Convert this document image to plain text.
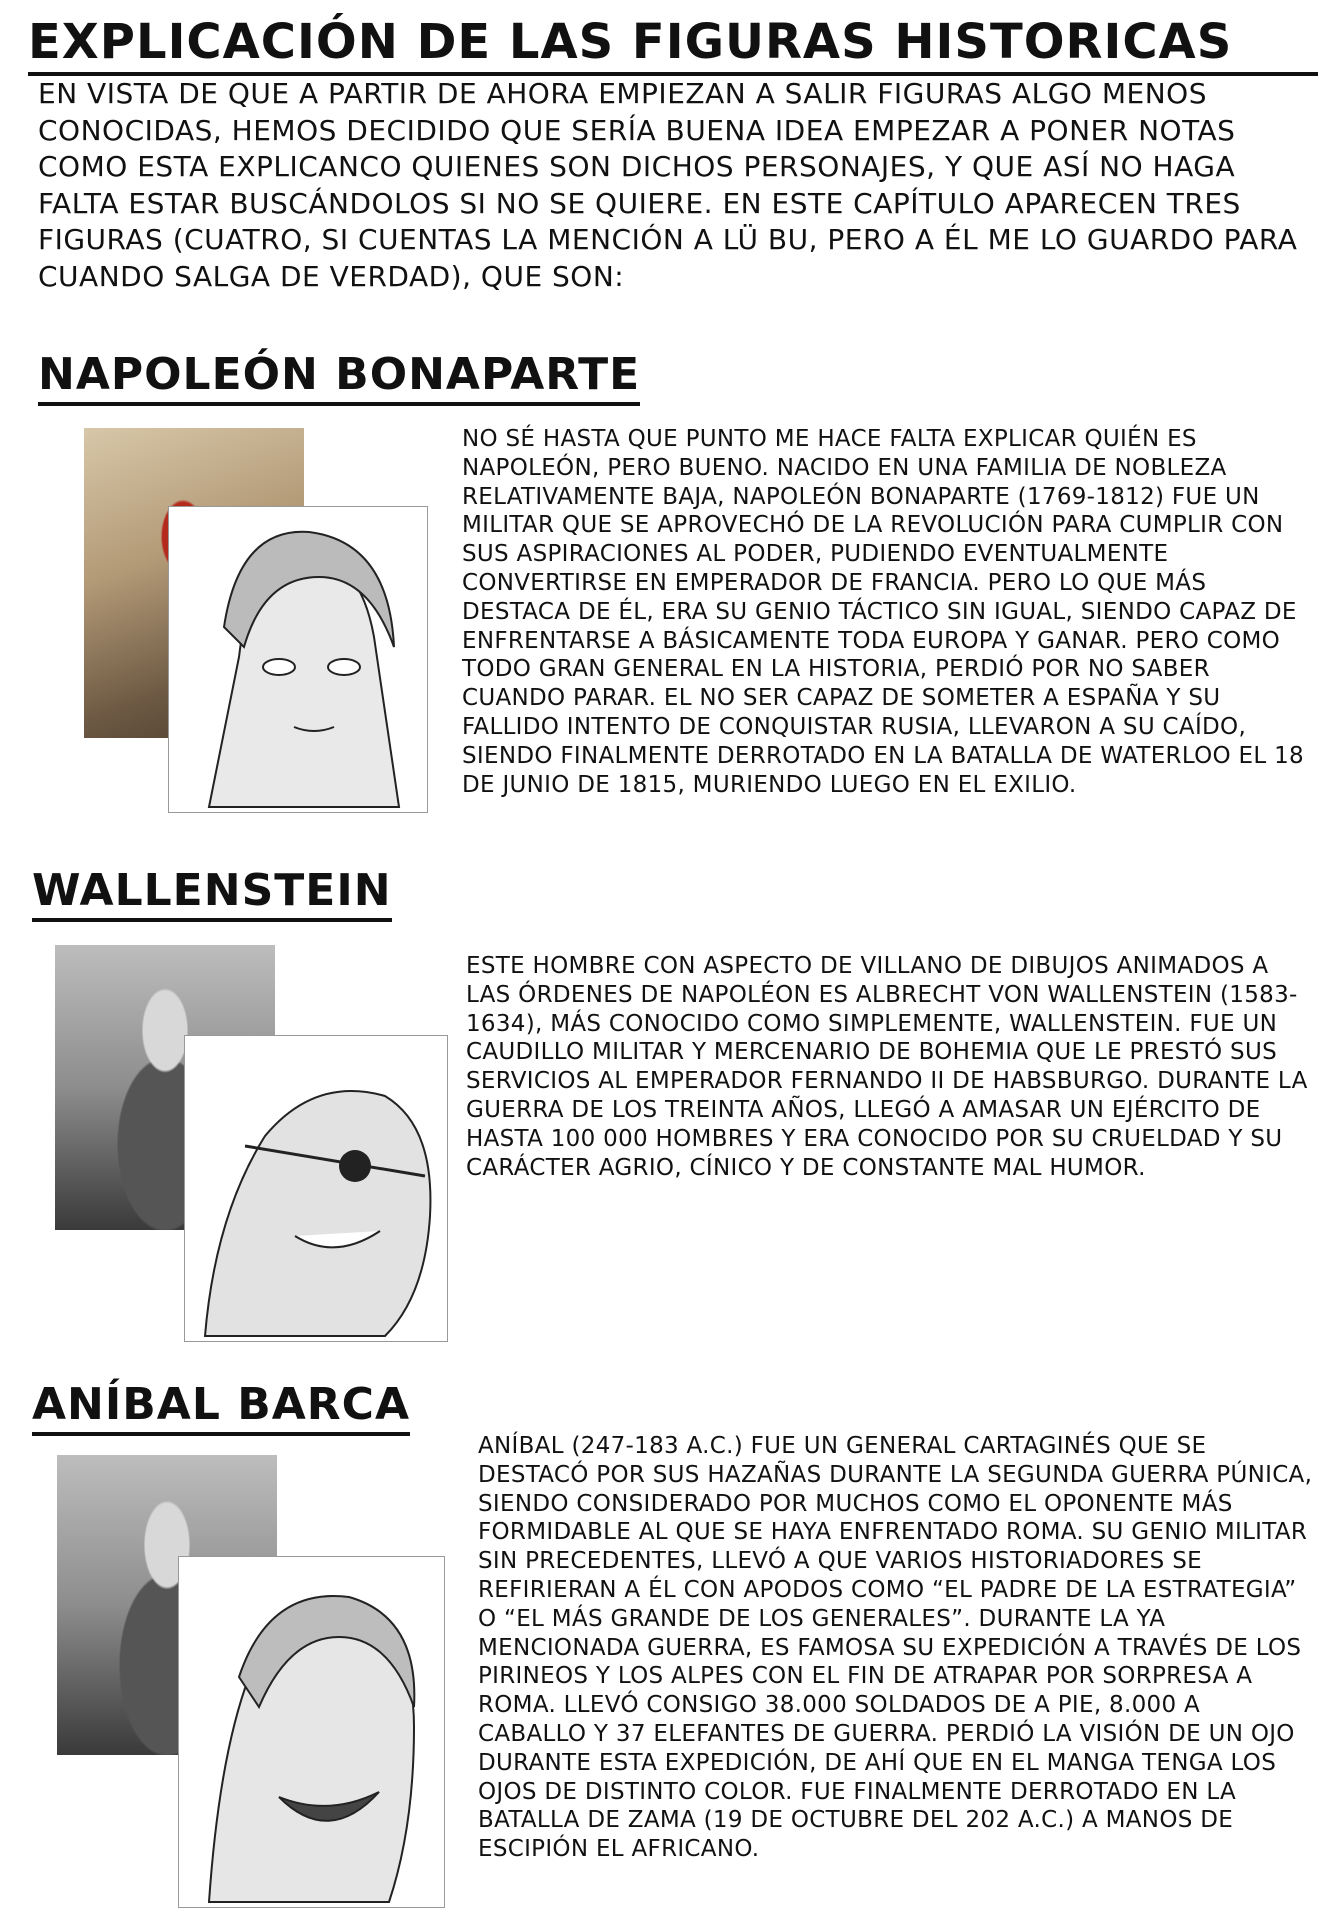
EXPLICACIÓN DE LAS FIGURAS HISTORICAS
EN VISTA DE QUE A PARTIR DE AHORA EMPIEZAN A SALIR FIGURAS ALGO MENOS CONOCIDAS, HEMOS DECIDIDO QUE SERÍA BUENA IDEA EMPEZAR A PONER NOTAS COMO ESTA EXPLICANCO QUIENES SON DICHOS PERSONAJES, Y QUE ASÍ NO HAGA FALTA ESTAR BUSCÁNDOLOS SI NO SE QUIERE. EN ESTE CAPÍTULO APARECEN TRES FIGURAS (CUATRO, SI CUENTAS LA MENCIÓN A LÜ BU, PERO A ÉL ME LO GUARDO PARA CUANDO SALGA DE VERDAD), QUE SON:
NAPOLEÓN BONAPARTE
NO SÉ HASTA QUE PUNTO ME HACE FALTA EXPLICAR QUIÉN ES NAPOLEÓN, PERO BUENO. NACIDO EN UNA FAMILIA DE NOBLEZA RELATIVAMENTE BAJA, NAPOLEÓN BONAPARTE (1769-1812) FUE UN MILITAR QUE SE APROVECHÓ DE LA REVOLUCIÓN PARA CUMPLIR CON SUS ASPIRACIONES AL PODER, PUDIENDO EVENTUALMENTE CONVERTIRSE EN EMPERADOR DE FRANCIA. PERO LO QUE MÁS DESTACA DE ÉL, ERA SU GENIO TÁCTICO SIN IGUAL, SIENDO CAPAZ DE ENFRENTARSE A BÁSICAMENTE TODA EUROPA Y GANAR. PERO COMO TODO GRAN GENERAL EN LA HISTORIA, PERDIÓ POR NO SABER CUANDO PARAR. EL NO SER CAPAZ DE SOMETER A ESPAÑA Y SU FALLIDO INTENTO DE CONQUISTAR RUSIA, LLEVARON A SU CAÍDO, SIENDO FINALMENTE DERROTADO EN LA BATALLA DE WATERLOO EL 18 DE JUNIO DE 1815, MURIENDO LUEGO EN EL EXILIO.
WALLENSTEIN
ESTE HOMBRE CON ASPECTO DE VILLANO DE DIBUJOS ANIMADOS A LAS ÓRDENES DE NAPOLÉON ES ALBRECHT VON WALLENSTEIN (1583-1634), MÁS CONOCIDO COMO SIMPLEMENTE, WALLENSTEIN. FUE UN CAUDILLO MILITAR Y MERCENARIO DE BOHEMIA QUE LE PRESTÓ SUS SERVICIOS AL EMPERADOR FERNANDO II DE HABSBURGO. DURANTE LA GUERRA DE LOS TREINTA AÑOS, LLEGÓ A AMASAR UN EJÉRCITO DE HASTA 100 000 HOMBRES Y ERA CONOCIDO POR SU CRUELDAD Y SU CARÁCTER AGRIO, CÍNICO Y DE CONSTANTE MAL HUMOR.
ANÍBAL BARCA
ANÍBAL (247-183 A.C.) FUE UN GENERAL CARTAGINÉS QUE SE DESTACÓ POR SUS HAZAÑAS DURANTE LA SEGUNDA GUERRA PÚNICA, SIENDO CONSIDERADO POR MUCHOS COMO EL OPONENTE MÁS FORMIDABLE AL QUE SE HAYA ENFRENTADO ROMA. SU GENIO MILITAR SIN PRECEDENTES, LLEVÓ A QUE VARIOS HISTORIADORES SE REFIRIERAN A ÉL CON APODOS COMO “EL PADRE DE LA ESTRATEGIA” O “EL MÁS GRANDE DE LOS GENERALES”. DURANTE LA YA MENCIONADA GUERRA, ES FAMOSA SU EXPEDICIÓN A TRAVÉS DE LOS PIRINEOS Y LOS ALPES CON EL FIN DE ATRAPAR POR SORPRESA A ROMA. LLEVÓ CONSIGO 38.000 SOLDADOS DE A PIE, 8.000 A CABALLO Y 37 ELEFANTES DE GUERRA. PERDIÓ LA VISIÓN DE UN OJO DURANTE ESTA EXPEDICIÓN, DE AHÍ QUE EN EL MANGA TENGA LOS OJOS DE DISTINTO COLOR. FUE FINALMENTE DERROTADO EN LA BATALLA DE ZAMA (19 DE OCTUBRE DEL 202 A.C.) A MANOS DE ESCIPIÓN EL AFRICANO.
